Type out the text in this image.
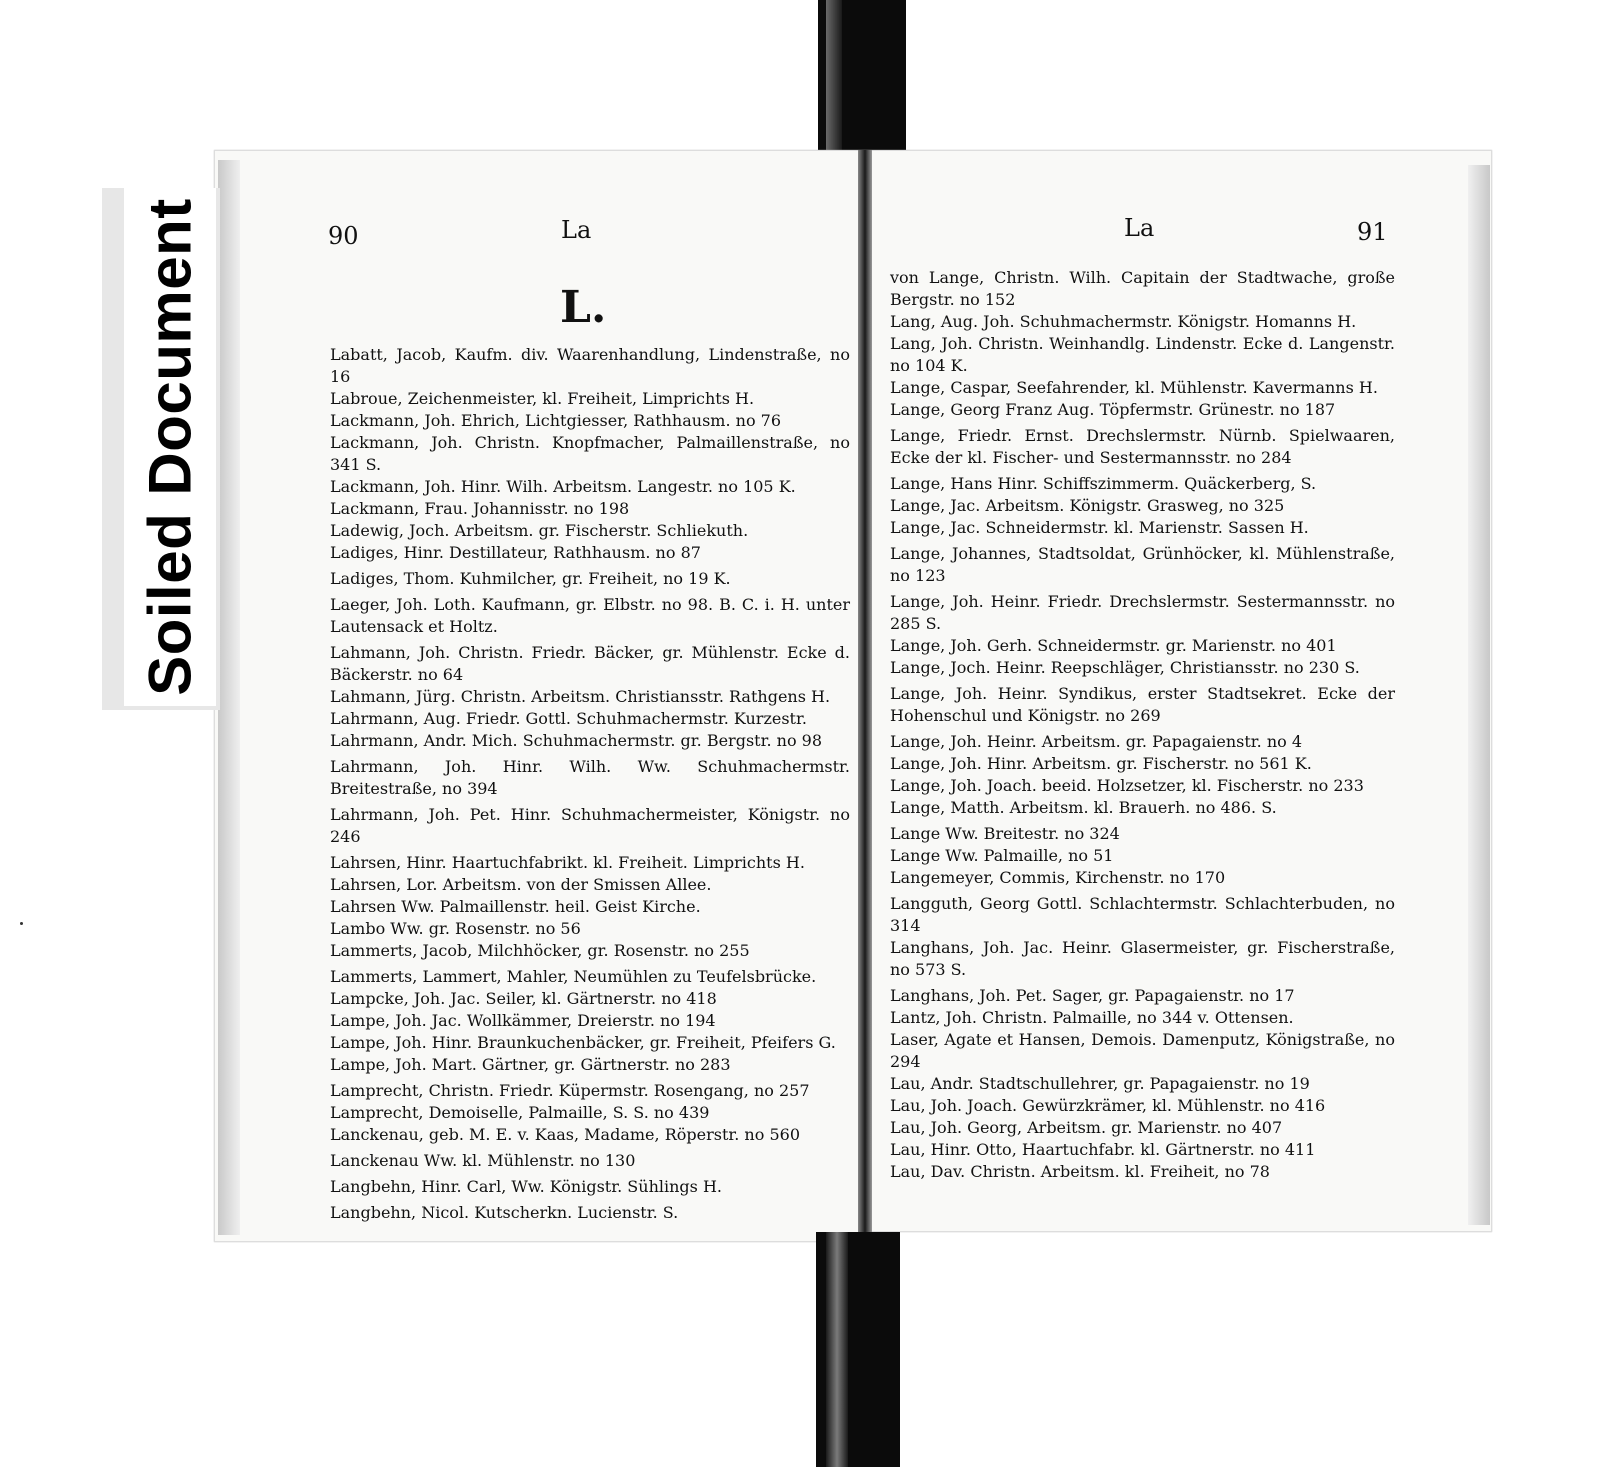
Soiled Document	90	La
L.
La	91
Labatt, Jacob, Kaufm. div. Waarenhandlung, Lindenstraße, no 16
Labroue, Zeichenmeister, kl. Freiheit, Limprichts H.
Lackmann, Joh. Ehrich, Lichtgiesser, Rathhausm. no 76
Lackmann, Joh. Christn. Knopfmacher, Palmaillenstraße, no 341 S.
Lackmann, Joh. Hinr. Wilh. Arbeitsm. Langestr. no 105 K.
Lackmann, Frau. Johannisstr. no 198
Ladewig, Joch. Arbeitsm. gr. Fischerstr. Schliekuth.
Ladiges, Hinr. Destillateur, Rathhausm. no 87
Ladiges, Thom. Kuhmilcher, gr. Freiheit, no 19 K.
Laeger, Joh. Loth. Kaufmann, gr. Elbstr. no 98. B. C. i. H. unter Lautensack et Holtz.
Lahmann, Joh. Christn. Friedr. Bäcker, gr. Mühlenstr. Ecke d. Bäckerstr. no 64
Lahmann, Jürg. Christn. Arbeitsm. Christiansstr. Rathgens H.
Lahrmann, Aug. Friedr. Gottl. Schuhmachermstr. Kurzestr.
Lahrmann, Andr. Mich. Schuhmachermstr. gr. Bergstr. no 98
Lahrmann, Joh. Hinr. Wilh. Ww. Schuhmachermstr. Breitestraße, no 394
Lahrmann, Joh. Pet. Hinr. Schuhmachermeister, Königstr. no 246
Lahrsen, Hinr. Haartuchfabrikt. kl. Freiheit. Limprichts H.
Lahrsen, Lor. Arbeitsm. von der Smissen Allee.
Lahrsen Ww. Palmaillenstr. heil. Geist Kirche.
Lambo Ww. gr. Rosenstr. no 56
Lammerts, Jacob, Milchhöcker, gr. Rosenstr. no 255
Lammerts, Lammert, Mahler, Neumühlen zu Teufelsbrücke.
Lampcke, Joh. Jac. Seiler, kl. Gärtnerstr. no 418
Lampe, Joh. Jac. Wollkämmer, Dreierstr. no 194
Lampe, Joh. Hinr. Braunkuchenbäcker, gr. Freiheit, Pfeifers G.
Lampe, Joh. Mart. Gärtner, gr. Gärtnerstr. no 283
Lamprecht, Christn. Friedr. Küpermstr. Rosengang, no 257
Lamprecht, Demoiselle, Palmaille, S. S. no 439
Lanckenau, geb. M. E. v. Kaas, Madame, Röperstr. no 560
Lanckenau Ww. kl. Mühlenstr. no 130
Langbehn, Hinr. Carl, Ww. Königstr. Sühlings H.
Langbehn, Nicol. Kutscherkn. Lucienstr. S.
von Lange, Christn. Wilh. Capitain der Stadtwache, große Bergstr. no 152
Lang, Aug. Joh. Schuhmachermstr. Königstr. Homanns H.
Lang, Joh. Christn. Weinhandlg. Lindenstr. Ecke d. Langenstr. no 104 K.
Lange, Caspar, Seefahrender, kl. Mühlenstr. Kavermanns H.
Lange, Georg Franz Aug. Töpfermstr. Grünestr. no 187
Lange, Friedr. Ernst. Drechslermstr. Nürnb. Spielwaaren, Ecke der kl. Fischer- und Sestermannsstr. no 284
Lange, Hans Hinr. Schiffszimmerm. Quäckerberg, S.
Lange, Jac. Arbeitsm. Königstr. Grasweg, no 325
Lange, Jac. Schneidermstr. kl. Marienstr. Sassen H.
Lange, Johannes, Stadtsoldat, Grünhöcker, kl. Mühlenstraße, no 123
Lange, Joh. Heinr. Friedr. Drechslermstr. Sestermannsstr. no 285 S.
Lange, Joh. Gerh. Schneidermstr. gr. Marienstr. no 401
Lange, Joch. Heinr. Reepschläger, Christiansstr. no 230 S.
Lange, Joh. Heinr. Syndikus, erster Stadtsekret. Ecke der Hohenschul und Königstr. no 269
Lange, Joh. Heinr. Arbeitsm. gr. Papagaienstr. no 4
Lange, Joh. Hinr. Arbeitsm. gr. Fischerstr. no 561 K.
Lange, Joh. Joach. beeid. Holzsetzer, kl. Fischerstr. no 233
Lange, Matth. Arbeitsm. kl. Brauerh. no 486. S.
Lange Ww. Breitestr. no 324
Lange Ww. Palmaille, no 51
Langemeyer, Commis, Kirchenstr. no 170
Langguth, Georg Gottl. Schlachtermstr. Schlachterbuden, no 314
Langhans, Joh. Jac. Heinr. Glasermeister, gr. Fischerstraße, no 573 S.
Langhans, Joh. Pet. Sager, gr. Papagaienstr. no 17
Lantz, Joh. Christn. Palmaille, no 344 v. Ottensen.
Laser, Agate et Hansen, Demois. Damenputz, Königstraße, no 294
Lau, Andr. Stadtschullehrer, gr. Papagaienstr. no 19
Lau, Joh. Joach. Gewürzkrämer, kl. Mühlenstr. no 416
Lau, Joh. Georg, Arbeitsm. gr. Marienstr. no 407
Lau, Hinr. Otto, Haartuchfabr. kl. Gärtnerstr. no 411
Lau, Dav. Christn. Arbeitsm. kl. Freiheit, no 78
